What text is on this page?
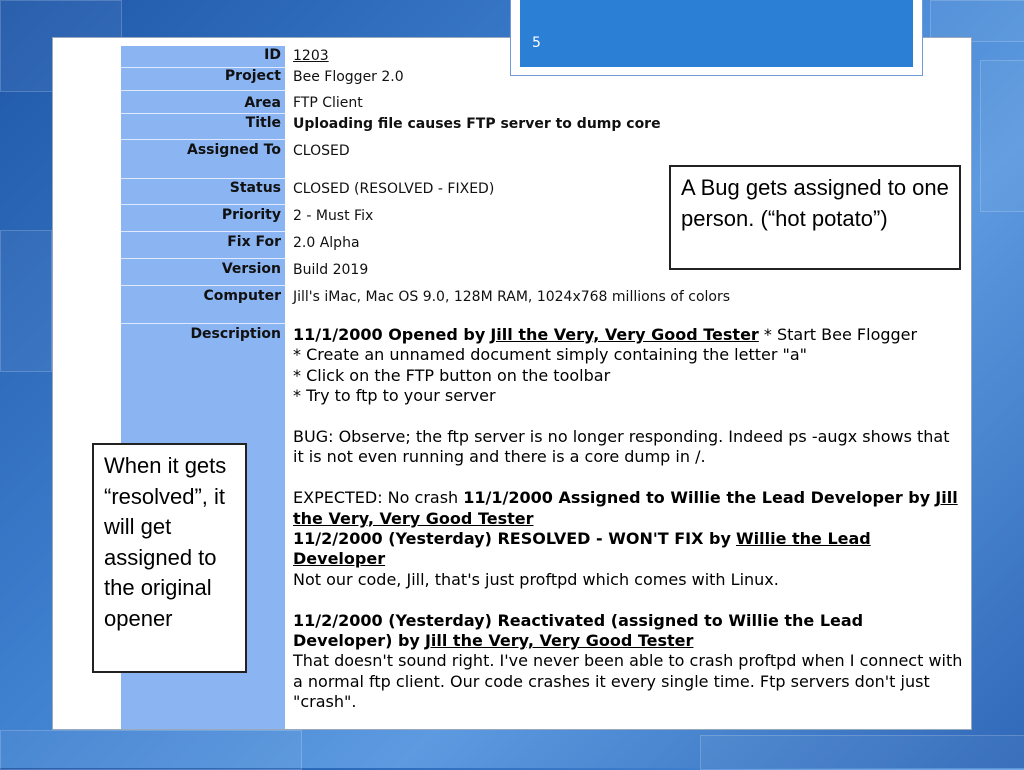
ID 1203
Project Bee Flogger 2.0
Area FTP Client
Title Uploading file causes FTP server to dump core
Assigned To CLOSED
Status CLOSED (RESOLVED - FIXED)
Priority 2 - Must Fix
Fix For 2.0 Alpha
Version Build 2019
Computer Jill's iMac, Mac OS 9.0, 128M RAM, 1024x768 millions of colors
Description 11/1/2000 Opened by Jill the Very, Very Good Tester * Start Bee Flogger

* Create an unnamed document simply containing the letter "a"

* Click on the FTP button on the toolbar

* Try to ftp to your server

BUG: Observe; the ftp server is no longer responding. Indeed ps -augx shows that it is not even running and there is a core dump in /.

EXPECTED: No crash 11/1/2000 Assigned to Willie the Lead Developer by Jill the Very, Very Good Tester

11/2/2000 (Yesterday) RESOLVED - WON'T FIX by Willie the Lead Developer

Not our code, Jill, that's just proftpd which comes with Linux.

11/2/2000 (Yesterday) Reactivated (assigned to Willie the Lead Developer) by Jill the Very, Very Good Tester

That doesn't sound right. I've never been able to crash proftpd when I connect with a normal ftp client. Our code crashes it every single time. Ftp servers don't just "crash".

5
A Bug gets assigned to one person. (“hot potato”)
When it gets “resolved”, it will get assigned to the original opener
